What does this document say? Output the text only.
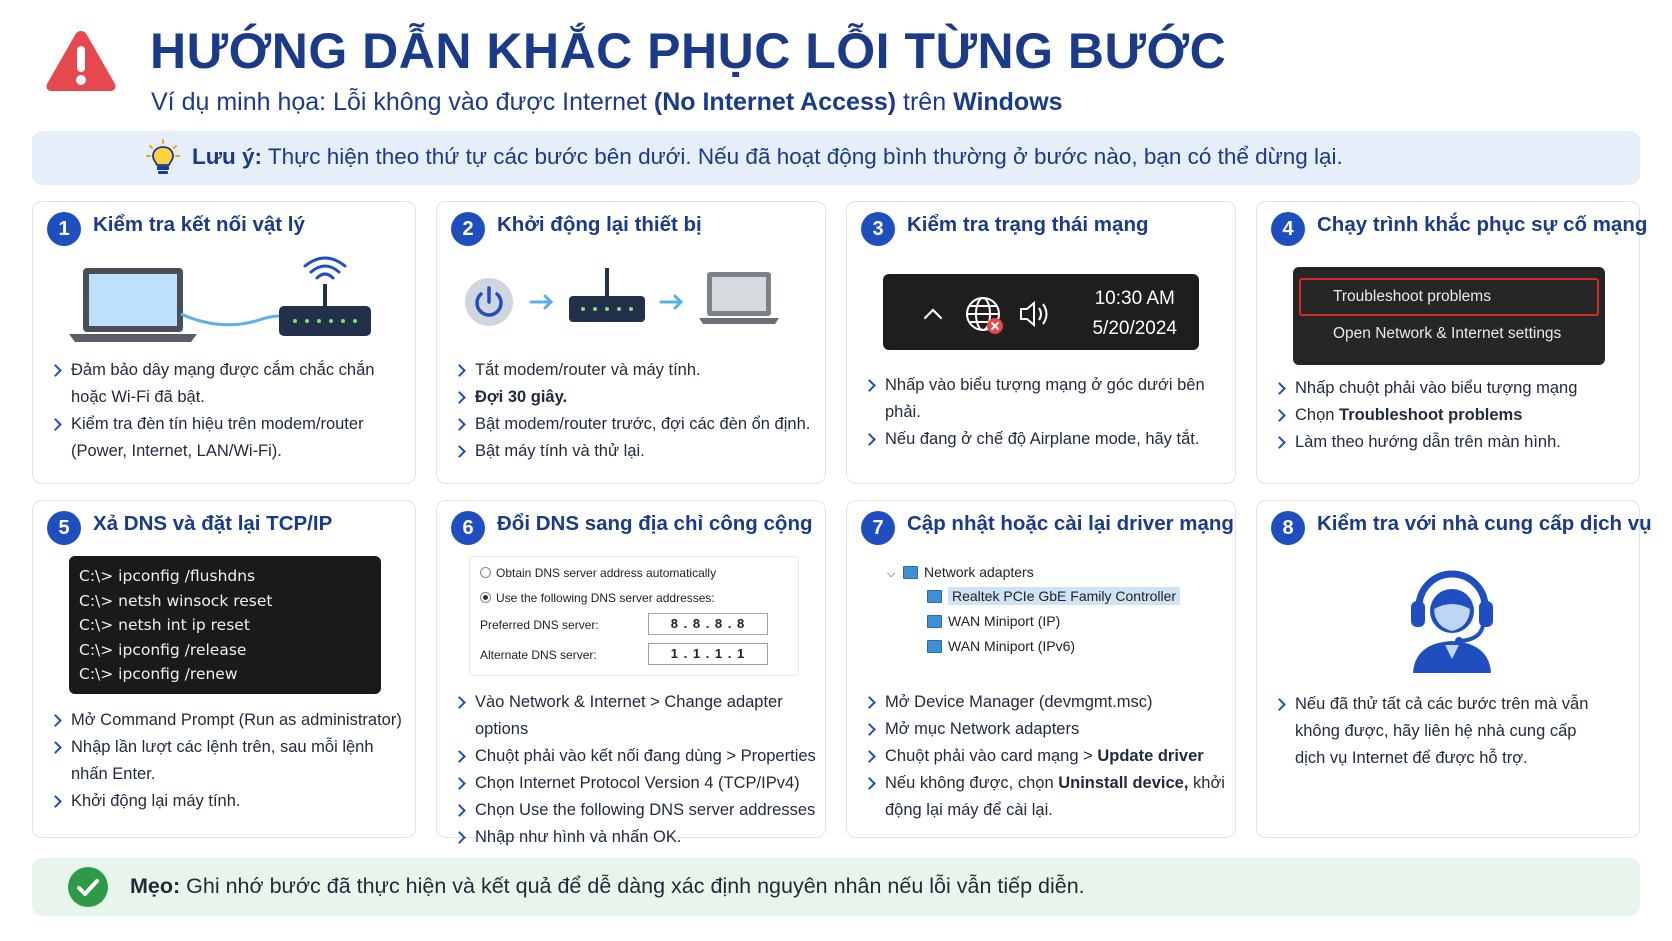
HƯỚNG DẪN KHẮC PHỤC LỖI TỪNG BƯỚC
Ví dụ minh họa: Lỗi không vào được Internet (No Internet Access) trên Windows
Lưu ý: Thực hiện theo thứ tự các bước bên dưới. Nếu đã hoạt động bình thường ở bước nào, bạn có thể dừng lại.
1	Kiểm tra kết nối vật lý
Đảm bảo dây mạng được cắm chắc chắn hoặc Wi-Fi đã bật.
Kiểm tra đèn tín hiệu trên modem/router (Power, Internet, LAN/Wi-Fi).
2	Khởi động lại thiết bị
Tắt modem/router và máy tính.
Đợi 30 giây.
Bật modem/router trước, đợi các đèn ổn định.
Bật máy tính và thử lại.
3	Kiểm tra trạng thái mạng
10:30 AM
5/20/2024
Nhấp vào biểu tượng mạng ở góc dưới bên phải.
Nếu đang ở chế độ Airplane mode, hãy tắt.
4	Chạy trình khắc phục sự cố mạng
Troubleshoot problems
Open Network & Internet settings
Nhấp chuột phải vào biểu tượng mạng
Chọn Troubleshoot problems
Làm theo hướng dẫn trên màn hình.
5	Xả DNS và đặt lại TCP/IP
C:\> ipconfig /flushdns
C:\> netsh winsock reset
C:\> netsh int ip reset
C:\> ipconfig /release
C:\> ipconfig /renew
Mở Command Prompt (Run as administrator)
Nhập lần lượt các lệnh trên, sau mỗi lệnh nhấn Enter.
Khởi động lại máy tính.
6	Đổi DNS sang địa chỉ công cộng
Obtain DNS server address automatically
Use the following DNS server addresses:
Preferred DNS server:	8 . 8 . 8 . 8
Alternate DNS server:	1 . 1 . 1 . 1
Vào Network & Internet > Change adapter options
Chuột phải vào kết nối đang dùng > Properties
Chọn Internet Protocol Version 4 (TCP/IPv4)
Chọn Use the following DNS server addresses
Nhập như hình và nhấn OK.
7	Cập nhật hoặc cài lại driver mạng
⌵ Network adapters
Realtek PCIe GbE Family Controller
WAN Miniport (IP)
WAN Miniport (IPv6)
Mở Device Manager (devmgmt.msc)
Mở mục Network adapters
Chuột phải vào card mạng > Update driver
Nếu không được, chọn Uninstall device, khởi động lại máy để cài lại.
8	Kiểm tra với nhà cung cấp dịch vụ
Nếu đã thử tất cả các bước trên mà vẫn không được, hãy liên hệ nhà cung cấp dịch vụ Internet để được hỗ trợ.
Mẹo: Ghi nhớ bước đã thực hiện và kết quả để dễ dàng xác định nguyên nhân nếu lỗi vẫn tiếp diễn.
